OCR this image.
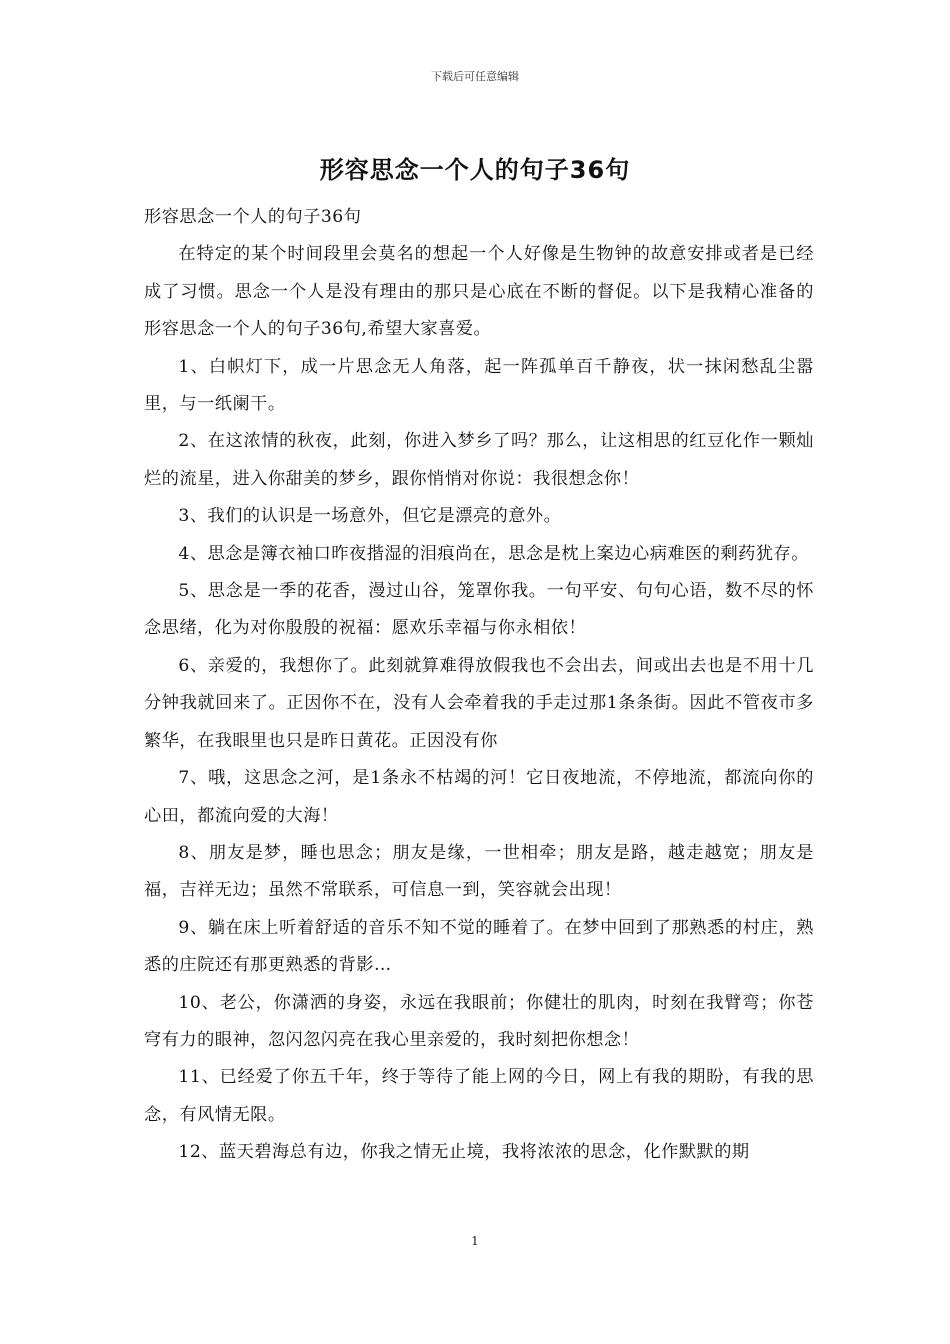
下载后可任意编辑
形容思念一个人的句子36句

形容思念一个人的句子36句

在特定的某个时间段里会莫名的想起一个人好像是生物钟的故意安排或者是已经成了习惯。思念一个人是没有理由的那只是心底在不断的督促。以下是我精心准备的形容思念一个人的句子36句,希望大家喜爱。

1、白帜灯下，成一片思念无人角落，起一阵孤单百千静夜，状一抹闲愁乱尘嚣里，与一纸阑干。

2、在这浓情的秋夜，此刻，你进入梦乡了吗？那么，让这相思的红豆化作一颗灿烂的流星，进入你甜美的梦乡，跟你悄悄对你说：我很想念你！

3、我们的认识是一场意外，但它是漂亮的意外。

4、思念是簿衣袖口昨夜揩湿的泪痕尚在，思念是枕上案边心病难医的剩药犹存。

5、思念是一季的花香，漫过山谷，笼罩你我。一句平安、句句心语，数不尽的怀念思绪，化为对你殷殷的祝福：愿欢乐幸福与你永相依！

6、亲爱的，我想你了。此刻就算难得放假我也不会出去，间或出去也是不用十几分钟我就回来了。正因你不在，没有人会牵着我的手走过那1条条街。因此不管夜市多繁华，在我眼里也只是昨日黄花。正因没有你

7、哦，这思念之河，是1条永不枯竭的河！它日夜地流，不停地流，都流向你的心田，都流向爱的大海！

8、朋友是梦，睡也思念；朋友是缘，一世相牵；朋友是路，越走越宽；朋友是福，吉祥无边；虽然不常联系，可信息一到，笑容就会出现！

9、躺在床上听着舒适的音乐不知不觉的睡着了。在梦中回到了那熟悉的村庄，熟悉的庄院还有那更熟悉的背影…

10、老公，你潇洒的身姿，永远在我眼前；你健壮的肌肉，时刻在我臂弯；你苍穹有力的眼神，忽闪忽闪亮在我心里亲爱的，我时刻把你想念！

11、已经爱了你五千年，终于等待了能上网的今日，网上有我的期盼，有我的思念，有风情无限。

12、蓝天碧海总有边，你我之情无止境，我将浓浓的思念，化作默默的期

1
